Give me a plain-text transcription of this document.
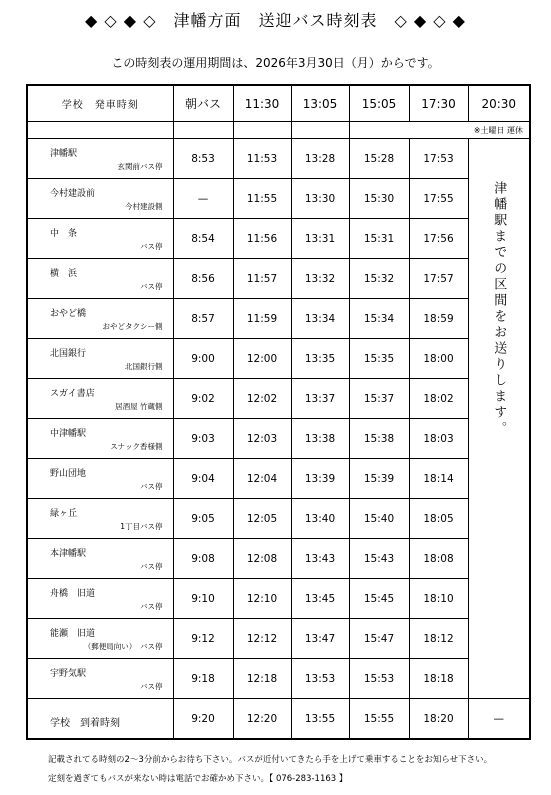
◆ ◇ ◆ ◇　津幡方面　送迎バス時刻表　◇ ◆ ◇ ◆
この時刻表の運用期間は、2026年3月30日（月）からです。
学校　発車時刻	朝バス	11:30	13:05	15:05	17:30	20:30
				※土曜日 運休		

津幡駅
玄関前バス停	8:53	11:53	13:28	15:28	17:53	津幡駅までの区間をお送りします。

今村建設前
今村建設側	—	11:55	13:30	15:30	17:55	

中　条
バス停	8:54	11:56	13:31	15:31	17:56	

横　浜
バス停	8:56	11:57	13:32	15:32	17:57	

おやど橋
おやどタクシー側	8:57	11:59	13:34	15:34	18:59	

北国銀行
北国銀行側	9:00	12:00	13:35	15:35	18:00	

スガイ書店
居酒屋 竹蔵側	9:02	12:02	13:37	15:37	18:02	

中津幡駅
スナック香様側	9:03	12:03	13:38	15:38	18:03	

野山団地
バス停	9:04	12:04	13:39	15:39	18:14	

緑ヶ丘
1丁目バス停	9:05	12:05	13:40	15:40	18:05	

本津幡駅
バス停	9:08	12:08	13:43	15:43	18:08	

舟橋　旧道
バス停	9:10	12:10	13:45	15:45	18:10	

能瀬　旧道
（郵便局向い）　バス停	9:12	12:12	13:47	15:47	18:12	

宇野気駅
バス停	9:18	12:18	13:53	15:53	18:18	

学校　到着時刻	9:20	12:20	13:55	15:55	18:20	—
記載されてる時刻の2～3分前からお待ち下さい。バスが近付いてきたら手を上げて乗車することをお知らせ下さい。
定刻を過ぎてもバスが来ない時は電話でお確かめ下さい。【 076-283-1163 】
